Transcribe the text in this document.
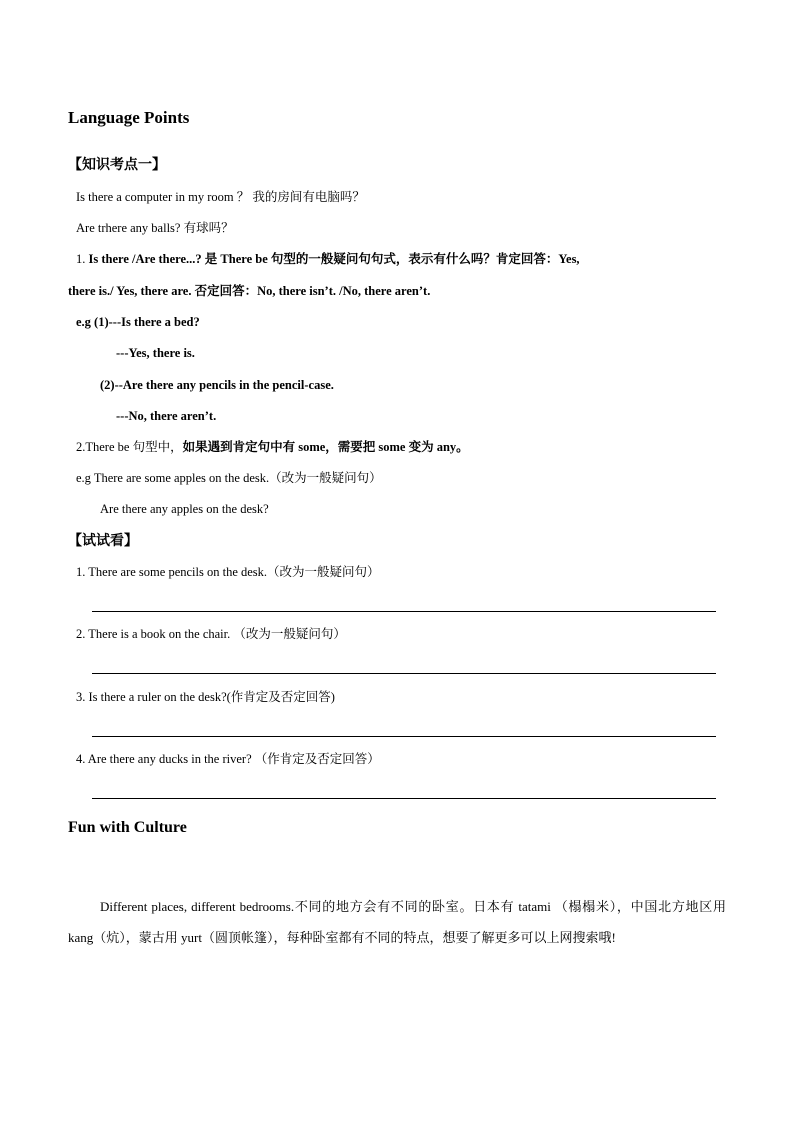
Language Points
【知识考点一】
Is there a computer in my room ？ 我的房间有电脑吗？
Are trhere any balls? 有球吗？
1. Is there /Are there...? 是 There be 句型的一般疑问句句式，表示有什么吗？肯定回答：Yes,
there is./ Yes, there are. 否定回答：No, there isn’t. /No, there aren’t.
e.g (1)---Is there a bed?
---Yes, there is.
(2)--Are there any pencils in the pencil-case.
---No, there aren’t.
2.There be 句型中，如果遇到肯定句中有 some，需要把 some 变为 any。
e.g There are some apples on the desk.（改为一般疑问句）
Are there any apples on the desk?
【试试看】
1. There are some pencils on the desk.（改为一般疑问句）
2. There is a book on the chair. （改为一般疑问句）
3. Is there a ruler on the desk?(作肯定及否定回答)
4. Are there any ducks in the river? （作肯定及否定回答）
Fun with Culture
Different places, different bedrooms.不同的地方会有不同的卧室。日本有 tatami （榻榻米），中国北方地区用 kang（炕），蒙古用 yurt（圆顶帐篷），每种卧室都有不同的特点，想要了解更多可以上网搜索哦!
